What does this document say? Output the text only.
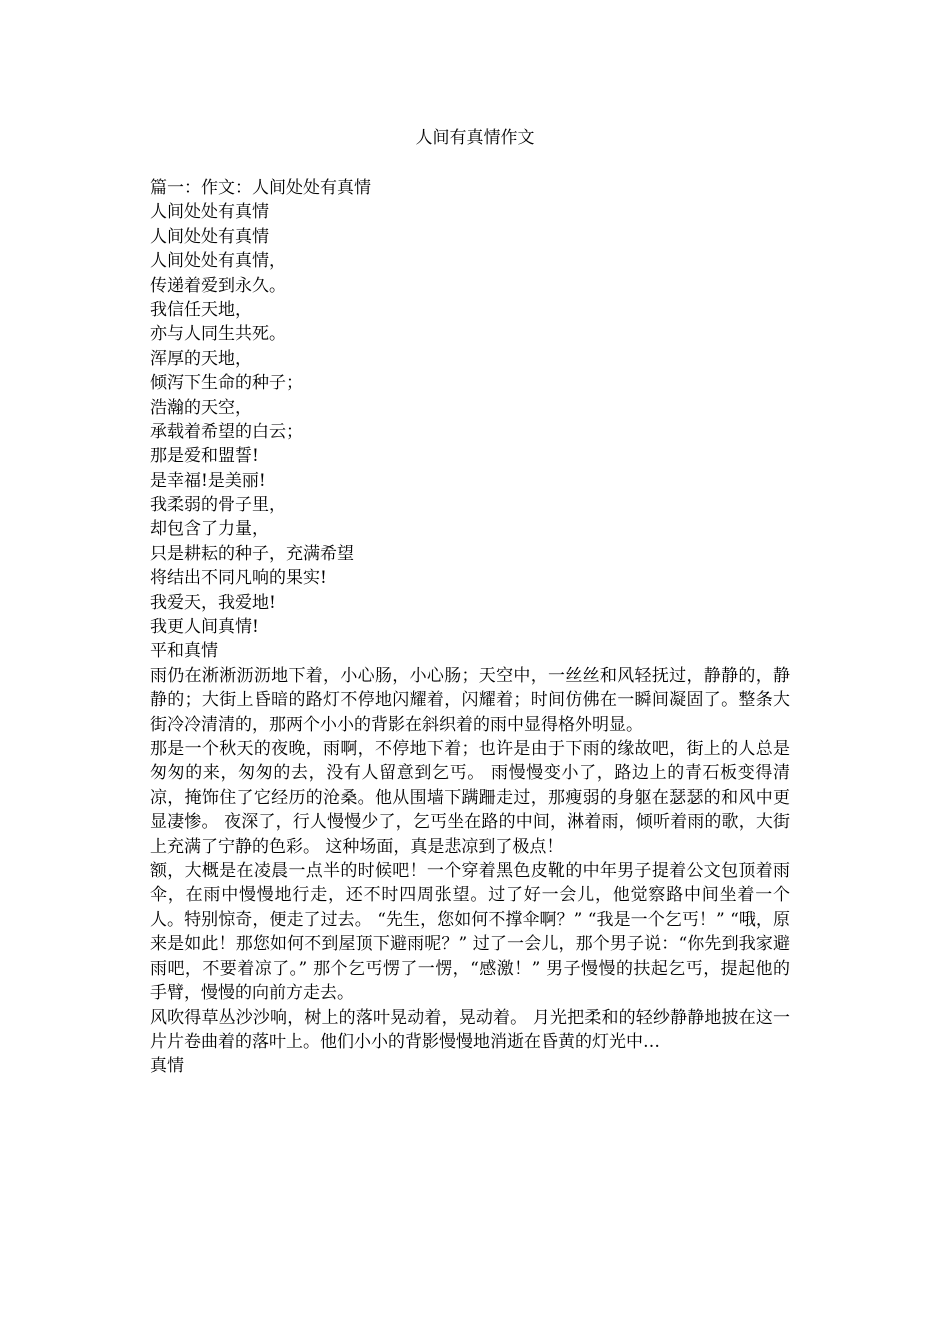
人间有真情作文
篇一：作文：人间处处有真情
人间处处有真情
人间处处有真情
人间处处有真情，
传递着爱到永久。
我信任天地，
亦与人同生共死。
浑厚的天地，
倾泻下生命的种子；
浩瀚的天空，
承载着希望的白云；
那是爱和盟誓!
是幸福!是美丽!
我柔弱的骨子里，
却包含了力量，
只是耕耘的种子，充满希望
将结出不同凡响的果实!
我爱天，我爱地!
我更人间真情!
平和真情
雨仍在淅淅沥沥地下着，小心肠，小心肠；天空中，一丝丝和风轻抚过，静静的，静静的；大街上昏暗的路灯不停地闪耀着，闪耀着；时间仿佛在一瞬间凝固了。整条大街冷冷清清的，那两个小小的背影在斜织着的雨中显得格外明显。
那是一个秋天的夜晚，雨啊，不停地下着；也许是由于下雨的缘故吧，街上的人总是匆匆的来，匆匆的去，没有人留意到乞丐。 雨慢慢变小了，路边上的青石板变得清凉，掩饰住了它经历的沧桑。他从围墙下蹒跚走过，那瘦弱的身躯在瑟瑟的和风中更显凄惨。 夜深了，行人慢慢少了，乞丐坐在路的中间，淋着雨，倾听着雨的歌，大街上充满了宁静的色彩。 这种场面，真是悲凉到了极点！
额，大概是在凌晨一点半的时候吧！一个穿着黑色皮靴的中年男子提着公文包顶着雨伞，在雨中慢慢地行走，还不时四周张望。过了好一会儿，他觉察路中间坐着一个人。特别惊奇，便走了过去。 “先生，您如何不撑伞啊？” “我是一个乞丐！” “哦，原来是如此！那您如何不到屋顶下避雨呢？” 过了一会儿，那个男子说：“你先到我家避雨吧，不要着凉了。” 那个乞丐愣了一愣，“感激！” 男子慢慢的扶起乞丐，提起他的手臂，慢慢的向前方走去。
风吹得草丛沙沙响，树上的落叶晃动着，晃动着。 月光把柔和的轻纱静静地披在这一片片卷曲着的落叶上。他们小小的背影慢慢地消逝在昏黄的灯光中…
真情
